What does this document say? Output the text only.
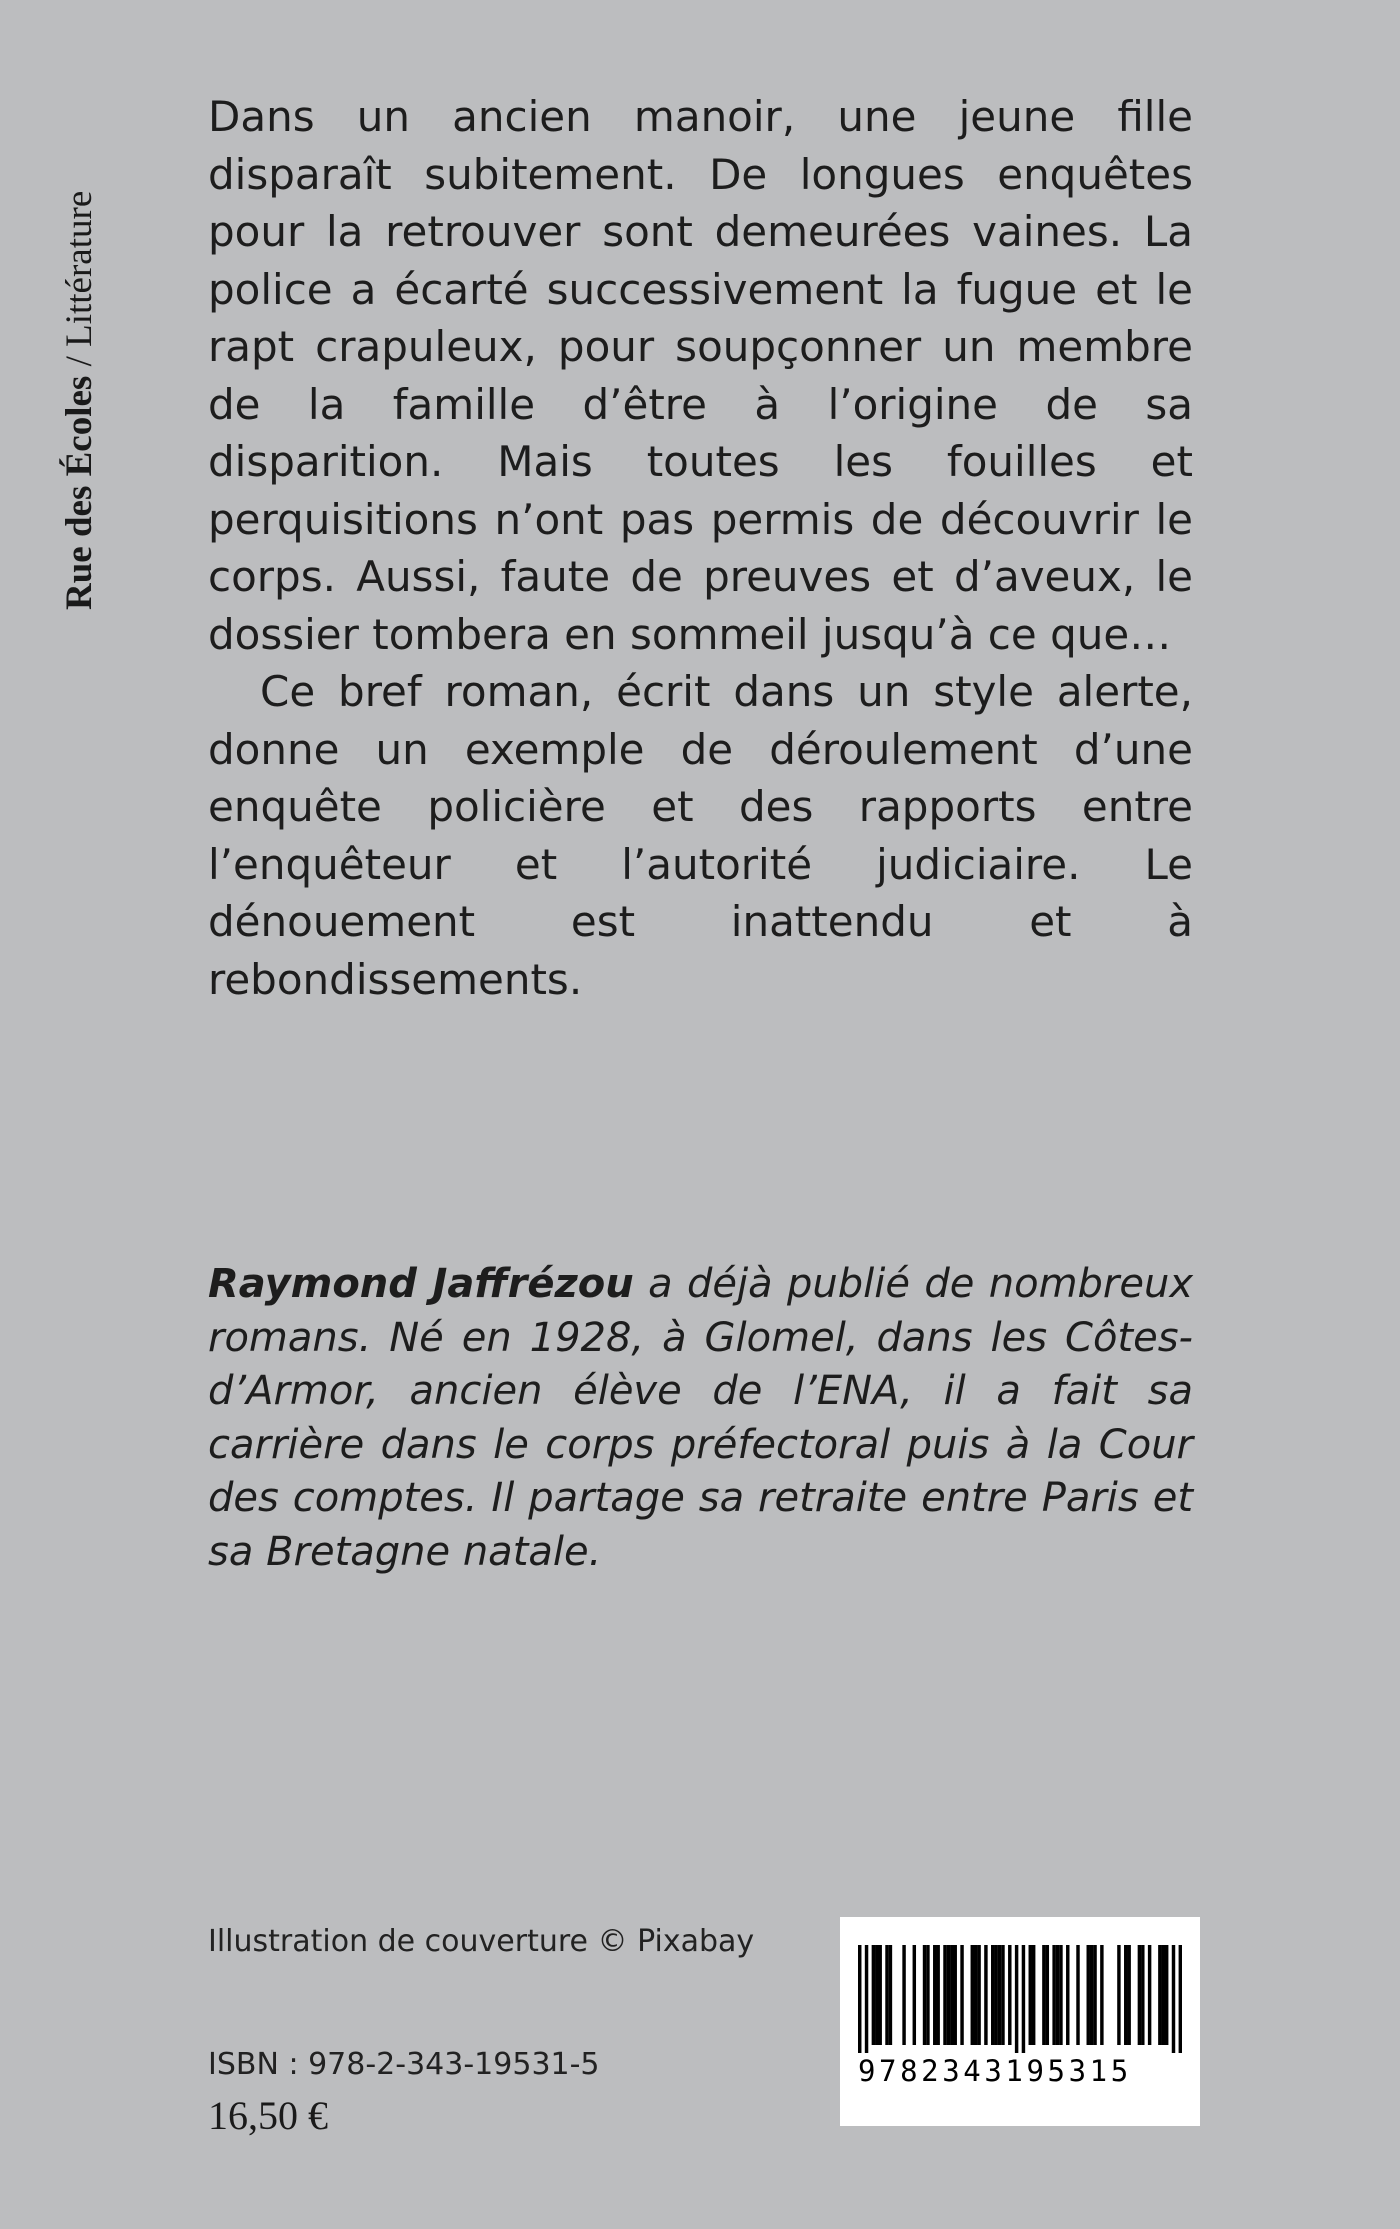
Rue des Écoles / Littérature

Dans un ancien manoir, une jeune fille disparaît subitement. De longues enquêtes pour la retrouver sont demeurées vaines. La police a écarté successivement la fugue et le rapt crapuleux, pour soupçonner un membre de la famille d’être à l’origine de sa disparition. Mais toutes les fouilles et perquisitions n’ont pas permis de découvrir le corps. Aussi, faute de preuves et d’aveux, le dossier tombera en sommeil jusqu’à ce que…

Ce bref roman, écrit dans un style alerte, donne un exemple de déroulement d’une enquête policière et des rapports entre l’enquêteur et l’autorité judiciaire. Le dénouement est inattendu et à rebondissements.

Raymond Jaffrézou a déjà publié de nombreux romans. Né en 1928, à Glomel, dans les Côtes-d’Armor, ancien élève de l’ENA, il a fait sa carrière dans le corps préfectoral puis à la Cour des comptes. Il partage sa retraite entre Paris et sa Bretagne natale.
Illustration de couverture © Pixabay
ISBN : 978-2-343-19531-5
16,50 €
9782343195315
